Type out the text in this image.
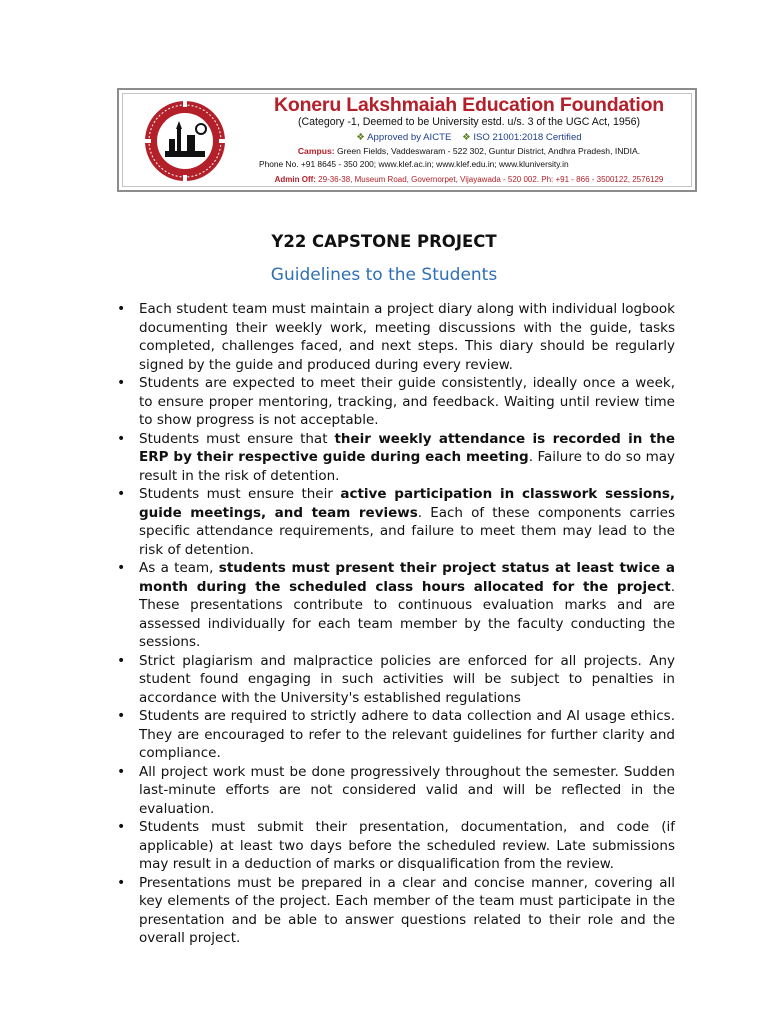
Koneru Lakshmaiah Education Foundation
(Category -1, Deemed to be University estd. u/s. 3 of the UGC Act, 1956)
❖ Approved by AICTE ❖ ISO 21001:2018 Certified
Campus: Green Fields, Vaddeswaram - 522 302, Guntur District, Andhra Pradesh, INDIA.
Phone No. +91 8645 - 350 200; www.klef.ac.in; www.klef.edu.in; www.kluniversity.in
Admin Off: 29-36-38, Museum Road, Governorpet, Vijayawada - 520 002. Ph: +91 - 866 - 3500122, 2576129
Y22 CAPSTONE PROJECT
Guidelines to the Students
• Each student team must maintain a project diary along with individual logbook documenting their weekly work, meeting discussions with the guide, tasks completed, challenges faced, and next steps. This diary should be regularly signed by the guide and produced during every review.
• Students are expected to meet their guide consistently, ideally once a week, to ensure proper mentoring, tracking, and feedback. Waiting until review time to show progress is not acceptable.
• Students must ensure that their weekly attendance is recorded in the ERP by their respective guide during each meeting. Failure to do so may result in the risk of detention.
• Students must ensure their active participation in classwork sessions, guide meetings, and team reviews. Each of these components carries specific attendance requirements, and failure to meet them may lead to the risk of detention.
• As a team, students must present their project status at least twice a month during the scheduled class hours allocated for the project. These presentations contribute to continuous evaluation marks and are assessed individually for each team member by the faculty conducting the sessions.
• Strict plagiarism and malpractice policies are enforced for all projects. Any student found engaging in such activities will be subject to penalties in accordance with the University's established regulations
• Students are required to strictly adhere to data collection and AI usage ethics. They are encouraged to refer to the relevant guidelines for further clarity and compliance.
• All project work must be done progressively throughout the semester. Sudden last-minute efforts are not considered valid and will be reflected in the evaluation.
• Students must submit their presentation, documentation, and code (if applicable) at least two days before the scheduled review. Late submissions may result in a deduction of marks or disqualification from the review.
• Presentations must be prepared in a clear and concise manner, covering all key elements of the project. Each member of the team must participate in the presentation and be able to answer questions related to their role and the overall project.
